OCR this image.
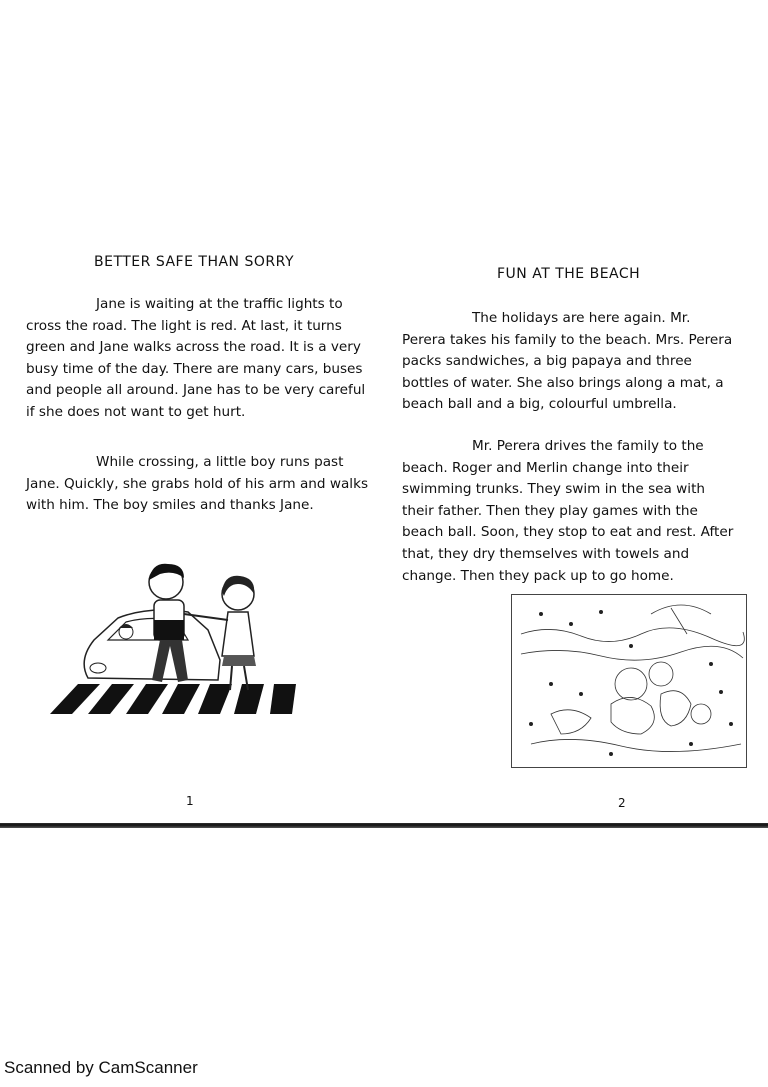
BETTER SAFE THAN SORRY

Jane is waiting at the traffic lights to cross the road. The light is red. At last, it turns green and Jane walks across the road. It is a very busy time of the day. There are many cars, buses and people all around. Jane has to be very careful if she does not want to get hurt.

While crossing, a little boy runs past Jane. Quickly, she grabs hold of his arm and walks with him. The boy smiles and thanks Jane.

1
FUN AT THE BEACH

The holidays are here again. Mr. Perera takes his family to the beach. Mrs. Perera packs sandwiches, a big papaya and three bottles of water. She also brings along a mat, a beach ball and a big, colourful umbrella.

Mr. Perera drives the family to the beach. Roger and Merlin change into their swimming trunks. They swim in the sea with their father. Then they play games with the beach ball. Soon, they stop to eat and rest. After that, they dry themselves with towels and change. Then they pack up to go home.

2
Scanned by CamScanner
